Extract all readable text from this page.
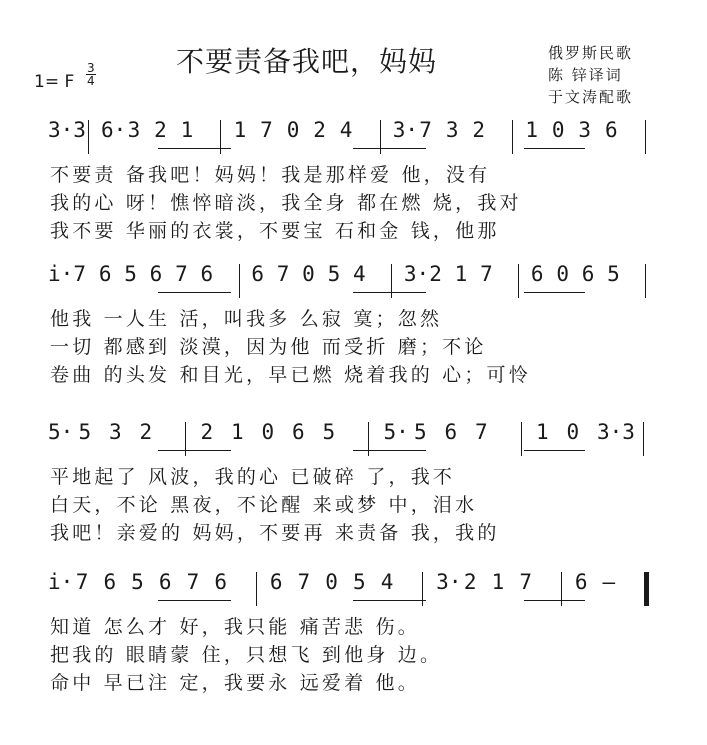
不要责备我吧，妈妈
1= F
3
4
俄罗斯民歌
陈 锌译词
于文涛配歌
3·3 6· 3 2 1 1 7 0 2 4 3· 7 3 2 1 0 3 6
不要责 备我吧！妈妈！我是那样爱 他，没有
我的心 呀！憔悴暗淡，我全身 都在燃 烧，我对
我不要 华丽的衣裳，不要宝 石和金 钱，他那
i· 7 6 5 6 7 6 6 7 0 5 4 3· 2 1 7 6 0 6 5
他我 一人生 活，叫我多 么寂 寞；忽然
一切 都感到 淡漠，因为他 而受折 磨；不论
卷曲 的头发 和目光，早已燃 烧着我的 心；可怜
5· 5 3 2 2 1 0 6 5 5· 5 6 7 1 0 3·3
平地起了 风波，我的心 已破碎 了，我不
白天，不论 黑夜，不论醒 来或梦 中，泪水
我吧！亲爱的 妈妈，不要再 来责备 我，我的
i· 7 6 5 6 7 6 6 7 0 5 4 3· 2 1 7 6 —
知道 怎么才 好，我只能 痛苦悲 伤。
把我的 眼睛蒙 住，只想飞 到他身 边。
命中 早已注 定，我要永 远爱着 他。
